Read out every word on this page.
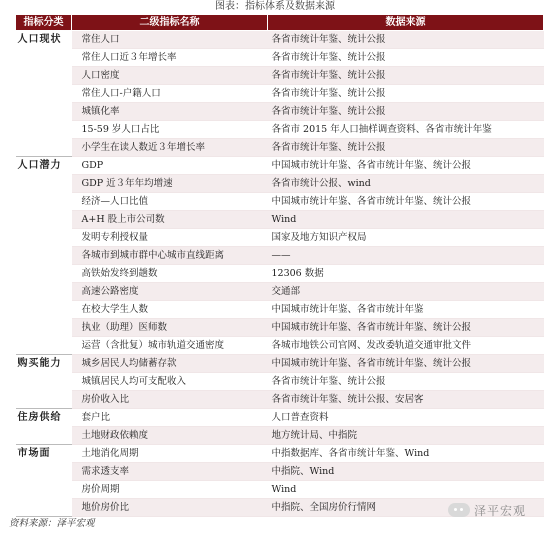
图表：指标体系及数据来源
指标分类	二级指标名称	数据来源
人口现状	常住人口	各省市统计年鉴、统计公报
	常住人口近３年增长率	各省市统计年鉴、统计公报
	人口密度	各省市统计年鉴、统计公报
	常住人口-户籍人口	各省市统计年鉴、统计公报
	城镇化率	各省市统计年鉴、统计公报
	15-59 岁人口占比	各省市 2015 年人口抽样调查资料、各省市统计年鉴
	小学生在读人数近３年增长率	各省市统计年鉴、统计公报
人口潜力	GDP	中国城市统计年鉴、各省市统计年鉴、统计公报
	GDP 近３年年均增速	各省市统计公报、wind
	经济—人口比值	中国城市统计年鉴、各省市统计年鉴、统计公报
	A+H 股上市公司数	Wind
	发明专利授权量	国家及地方知识产权局
	各城市到城市群中心城市直线距离	——
	高铁始发终到趟数	12306 数据
	高速公路密度	交通部
	在校大学生人数	中国城市统计年鉴、各省市统计年鉴
	执业（助理）医师数	中国城市统计年鉴、各省市统计年鉴、统计公报
	运营（含批复）城市轨道交通密度	各城市地铁公司官网、发改委轨道交通审批文件
购买能力	城乡居民人均储蓄存款	中国城市统计年鉴、各省市统计年鉴、统计公报
	城镇居民人均可支配收入	各省市统计年鉴、统计公报
	房价收入比	各省市统计年鉴、统计公报、安居客
住房供给	套户比	人口普查资料
	土地财政依赖度	地方统计局、中指院
市场面	土地消化周期	中指数据库、各省市统计年鉴、Wind
	需求透支率	中指院、Wind
	房价周期	Wind
	地价房价比	中指院、全国房价行情网
资料来源：泽平宏观
泽平宏观
